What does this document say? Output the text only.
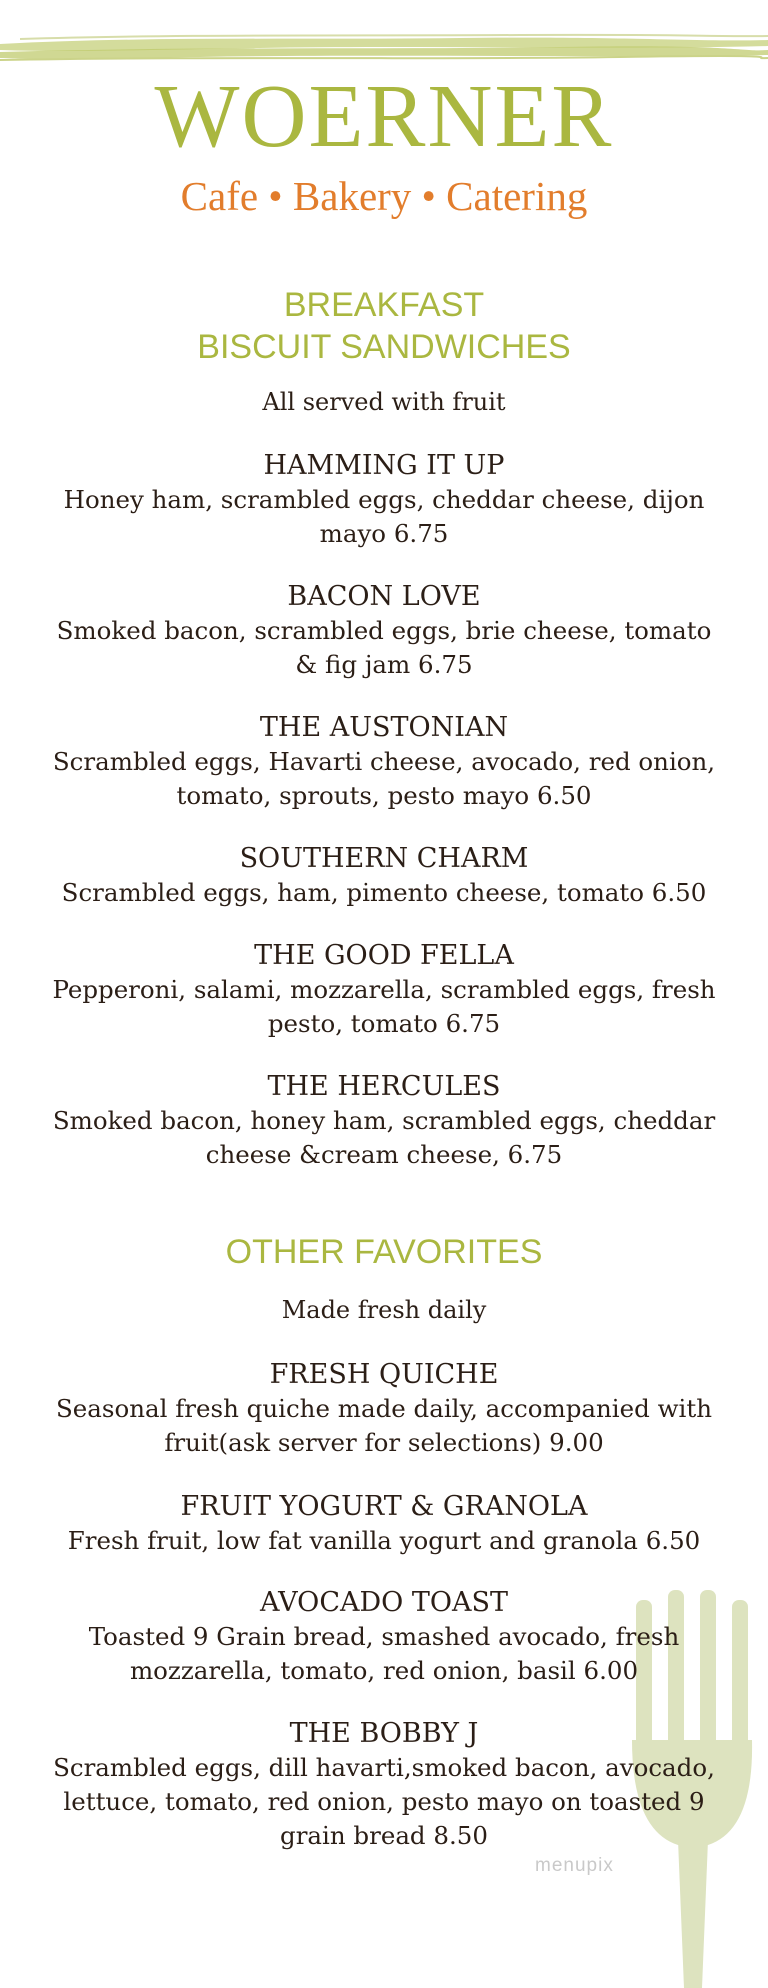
WOERNER
Cafe • Bakery • Catering
BREAKFAST
BISCUIT SANDWICHES
All served with fruit
HAMMING IT UP
Honey ham, scrambled eggs, cheddar cheese, dijon
mayo 6.75
BACON LOVE
Smoked bacon, scrambled eggs, brie cheese, tomato
& fig jam 6.75
THE AUSTONIAN
Scrambled eggs, Havarti cheese, avocado, red onion,
tomato, sprouts, pesto mayo 6.50
SOUTHERN CHARM
Scrambled eggs, ham, pimento cheese, tomato 6.50
THE GOOD FELLA
Pepperoni, salami, mozzarella, scrambled eggs, fresh
pesto, tomato 6.75
THE HERCULES
Smoked bacon, honey ham, scrambled eggs, cheddar
cheese &cream cheese, 6.75
OTHER FAVORITES
Made fresh daily
FRESH QUICHE
Seasonal fresh quiche made daily, accompanied with
fruit(ask server for selections) 9.00
FRUIT YOGURT & GRANOLA
Fresh fruit, low fat vanilla yogurt and granola 6.50
AVOCADO TOAST
Toasted 9 Grain bread, smashed avocado, fresh
mozzarella, tomato, red onion, basil 6.00
THE BOBBY J
Scrambled eggs, dill havarti,smoked bacon, avocado,
lettuce, tomato, red onion, pesto mayo on toasted 9
grain bread 8.50
menupix
